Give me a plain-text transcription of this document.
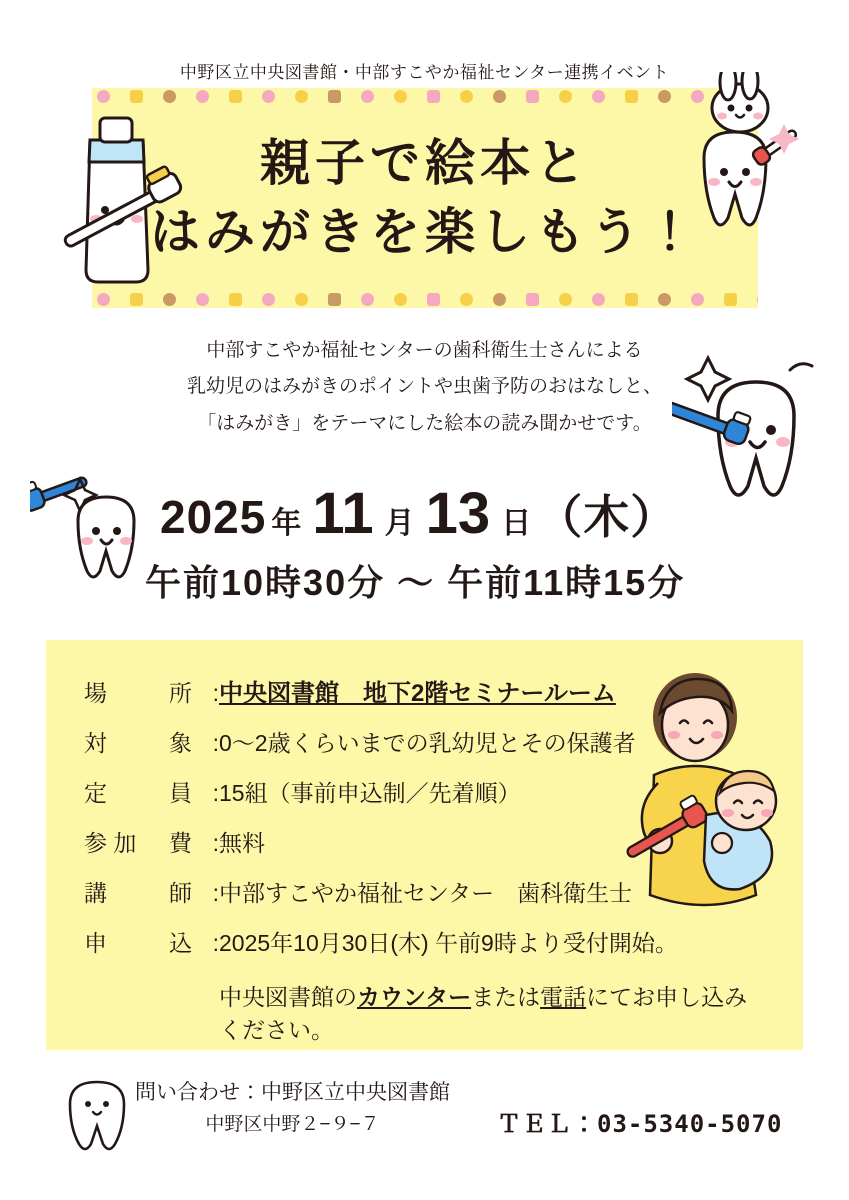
中野区立中央図書館・中部すこやか福祉センター連携イベント
親子で絵本と
はみがきを楽しもう！
中部すこやか福祉センターの歯科衛生士さんによる
乳幼児のはみがきのポイントや虫歯予防のおはなしと、
「はみがき」をテーマにした絵本の読み聞かせです。
2025 年 11 月 13 日 （木）
午前10時30分 ～ 午前11時15分
場	所 : 中央図書館　地下2階セミナールーム
対	象 : 0～2歳くらいまでの乳幼児とその保護者
定	員 : 15組（事前申込制／先着順）
参 加 費 : 無料
講	師 : 中部すこやか福祉センター　歯科衛生士
申	込 : 2025年10月30日(木) 午前9時より受付開始。
中央図書館のカウンターまたは電話にてお申し込みください。
問い合わせ：中野区立中央図書館
中野区中野２−９−７	ＴＥＬ：03-5340-5070
